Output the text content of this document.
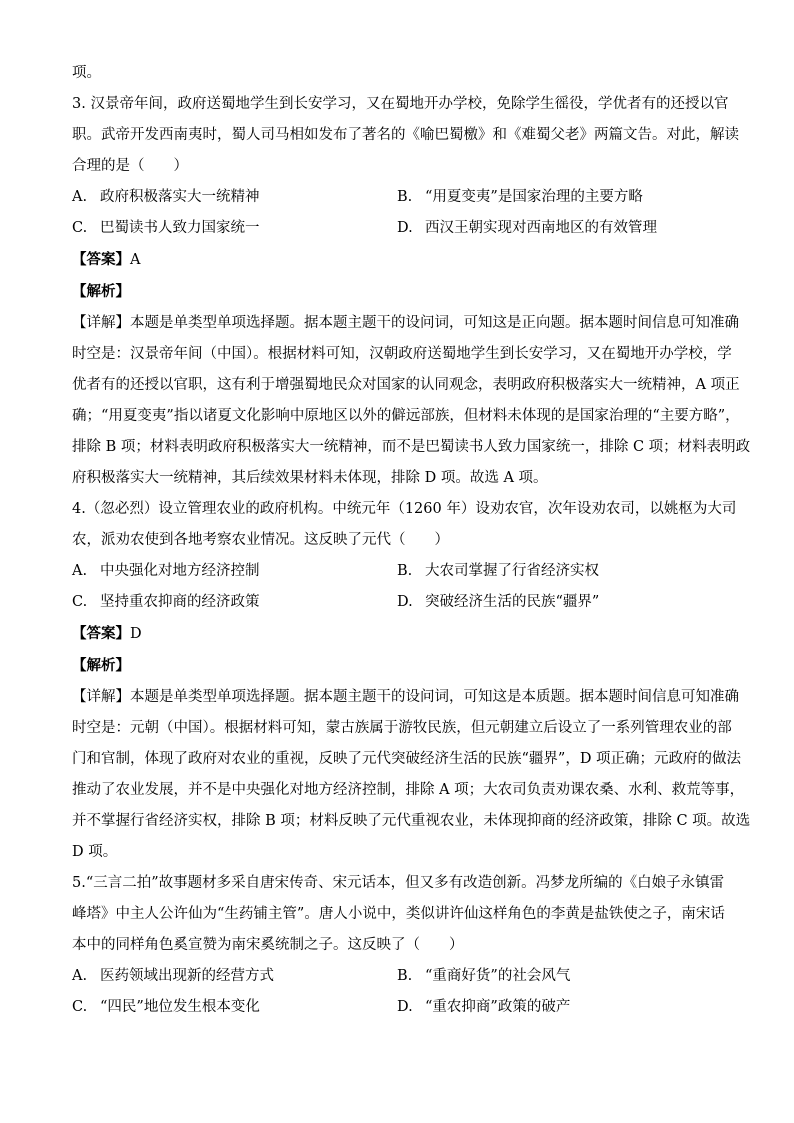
项。
3. 汉景帝年间，政府送蜀地学生到长安学习，又在蜀地开办学校，免除学生徭役，学优者有的还授以官
职。武帝开发西南夷时，蜀人司马相如发布了著名的《喻巴蜀檄》和《难蜀父老》两篇文告。对此，解读
合理的是（　　）
A. 政府积极落实大一统精神	B. “用夏变夷”是国家治理的主要方略
C. 巴蜀读书人致力国家统一	D. 西汉王朝实现对西南地区的有效管理
【答案】A
【解析】
【详解】本题是单类型单项选择题。据本题主题干的设问词，可知这是正向题。据本题时间信息可知准确
时空是：汉景帝年间（中国）。根据材料可知，汉朝政府送蜀地学生到长安学习，又在蜀地开办学校，学
优者有的还授以官职，这有利于增强蜀地民众对国家的认同观念，表明政府积极落实大一统精神，A 项正
确；“用夏变夷”指以诸夏文化影响中原地区以外的僻远部族，但材料未体现的是国家治理的“主要方略”，
排除 B 项；材料表明政府积极落实大一统精神，而不是巴蜀读书人致力国家统一，排除 C 项；材料表明政
府积极落实大一统精神，其后续效果材料未体现，排除 D 项。故选 A 项。
4.（忽必烈）设立管理农业的政府机构。中统元年（1260 年）设劝农官，次年设劝农司，以姚枢为大司
农，派劝农使到各地考察农业情况。这反映了元代（　　）
A. 中央强化对地方经济控制	B. 大农司掌握了行省经济实权
C. 坚持重农抑商的经济政策	D. 突破经济生活的民族“疆界”
【答案】D
【解析】
【详解】本题是单类型单项选择题。据本题主题干的设问词，可知这是本质题。据本题时间信息可知准确
时空是：元朝（中国）。根据材料可知，蒙古族属于游牧民族，但元朝建立后设立了一系列管理农业的部
门和官制，体现了政府对农业的重视，反映了元代突破经济生活的民族“疆界”，D 项正确；元政府的做法
推动了农业发展，并不是中央强化对地方经济控制，排除 A 项；大农司负责劝课农桑、水利、救荒等事，
并不掌握行省经济实权，排除 B 项；材料反映了元代重视农业，未体现抑商的经济政策，排除 C 项。故选
D 项。
5.“三言二拍”故事题材多采自唐宋传奇、宋元话本，但又多有改造创新。冯梦龙所编的《白娘子永镇雷
峰塔》中主人公许仙为“生药铺主管”。唐人小说中，类似讲许仙这样角色的李黄是盐铁使之子，南宋话
本中的同样角色奚宣赞为南宋奚统制之子。这反映了（　　）
A. 医药领域出现新的经营方式	B. “重商好货”的社会风气
C. “四民”地位发生根本变化	D. “重农抑商”政策的破产
